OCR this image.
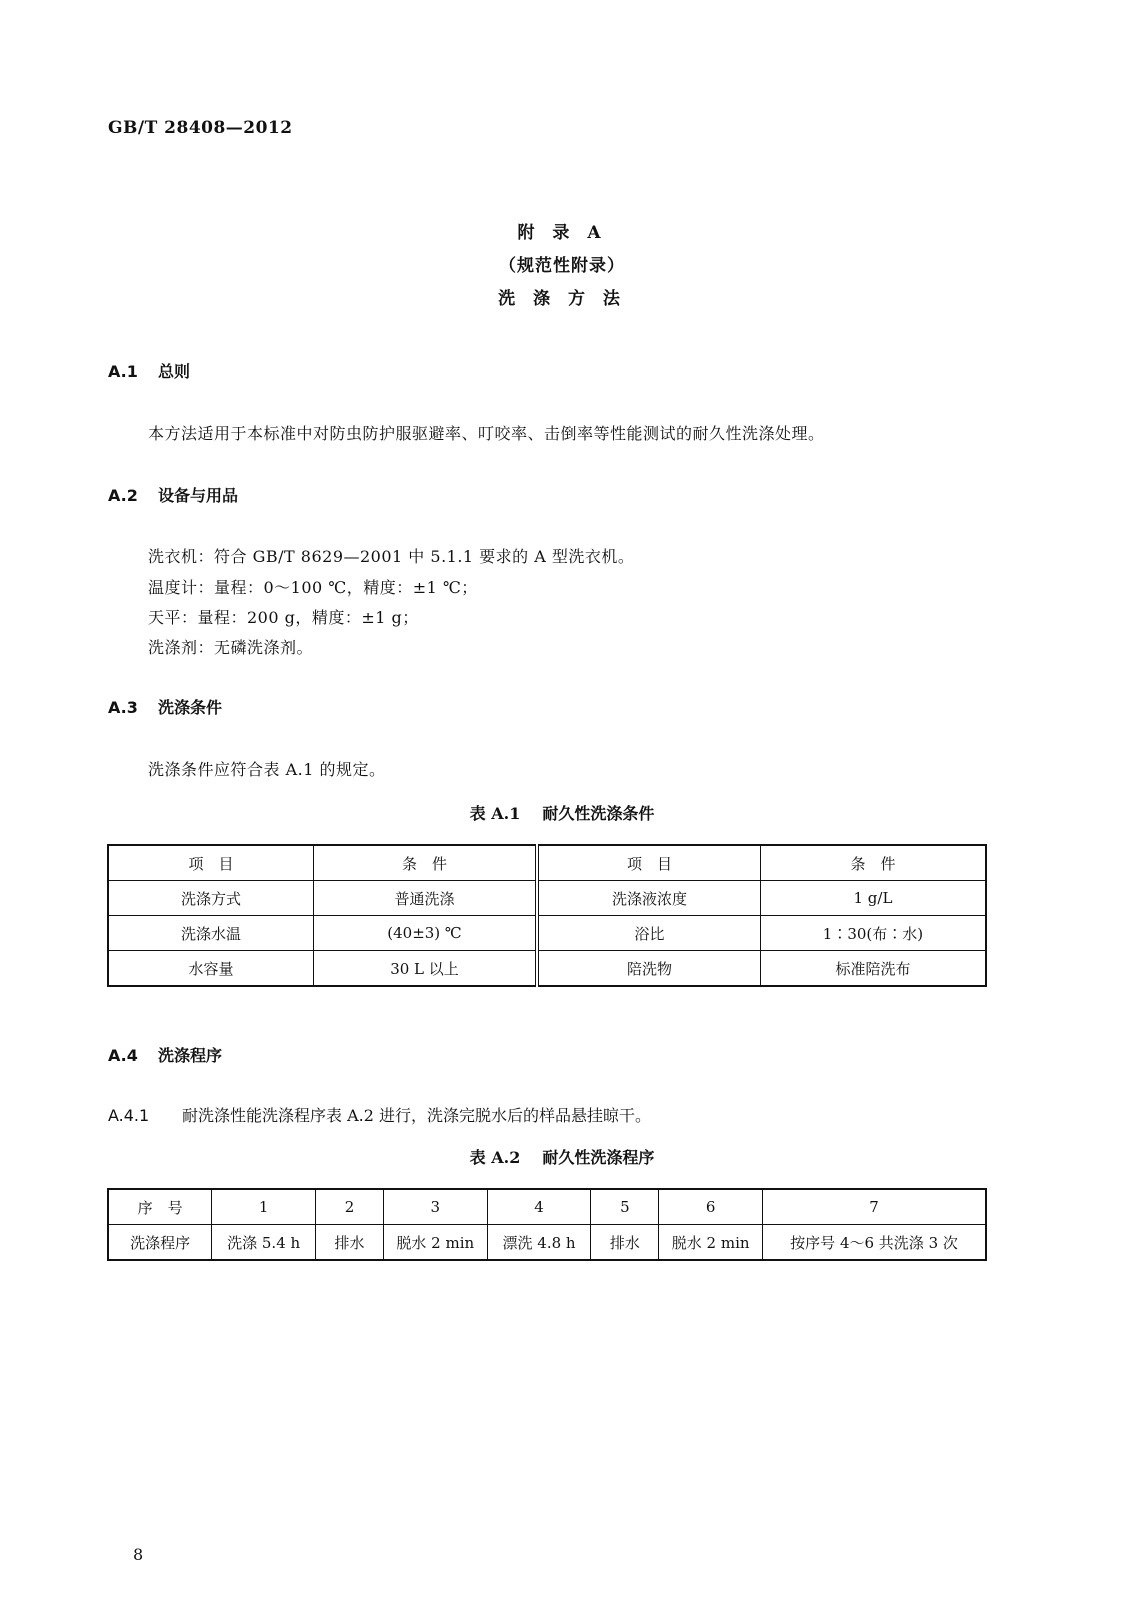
GB/T 28408—2012
附 录 A
（规范性附录）
洗 涤 方 法
A.1 总则
本方法适用于本标准中对防虫防护服驱避率、叮咬率、击倒率等性能测试的耐久性洗涤处理。
A.2 设备与用品
洗衣机：符合 GB/T 8629—2001 中 5.1.1 要求的 A 型洗衣机。
温度计：量程：0～100 ℃，精度：±1 ℃；
天平：量程：200 g，精度：±1 g；
洗涤剂：无磷洗涤剂。
A.3 洗涤条件
洗涤条件应符合表 A.1 的规定。
表 A.1 耐久性洗涤条件
项　目	条　件	项　目	条　件
洗涤方式	普通洗涤	洗涤液浓度	1 g/L
洗涤水温	(40±3) ℃	浴比	1∶30(布∶水)
水容量	30 L 以上	陪洗物	标准陪洗布
A.4 洗涤程序
A.4.1 耐洗涤性能洗涤程序表 A.2 进行，洗涤完脱水后的样品悬挂晾干。
表 A.2 耐久性洗涤程序
序　号	1	2	3	4	5	6	7
洗涤程序	洗涤 5.4 h	排水	脱水 2 min	漂洗 4.8 h	排水	脱水 2 min	按序号 4～6 共洗涤 3 次
8
